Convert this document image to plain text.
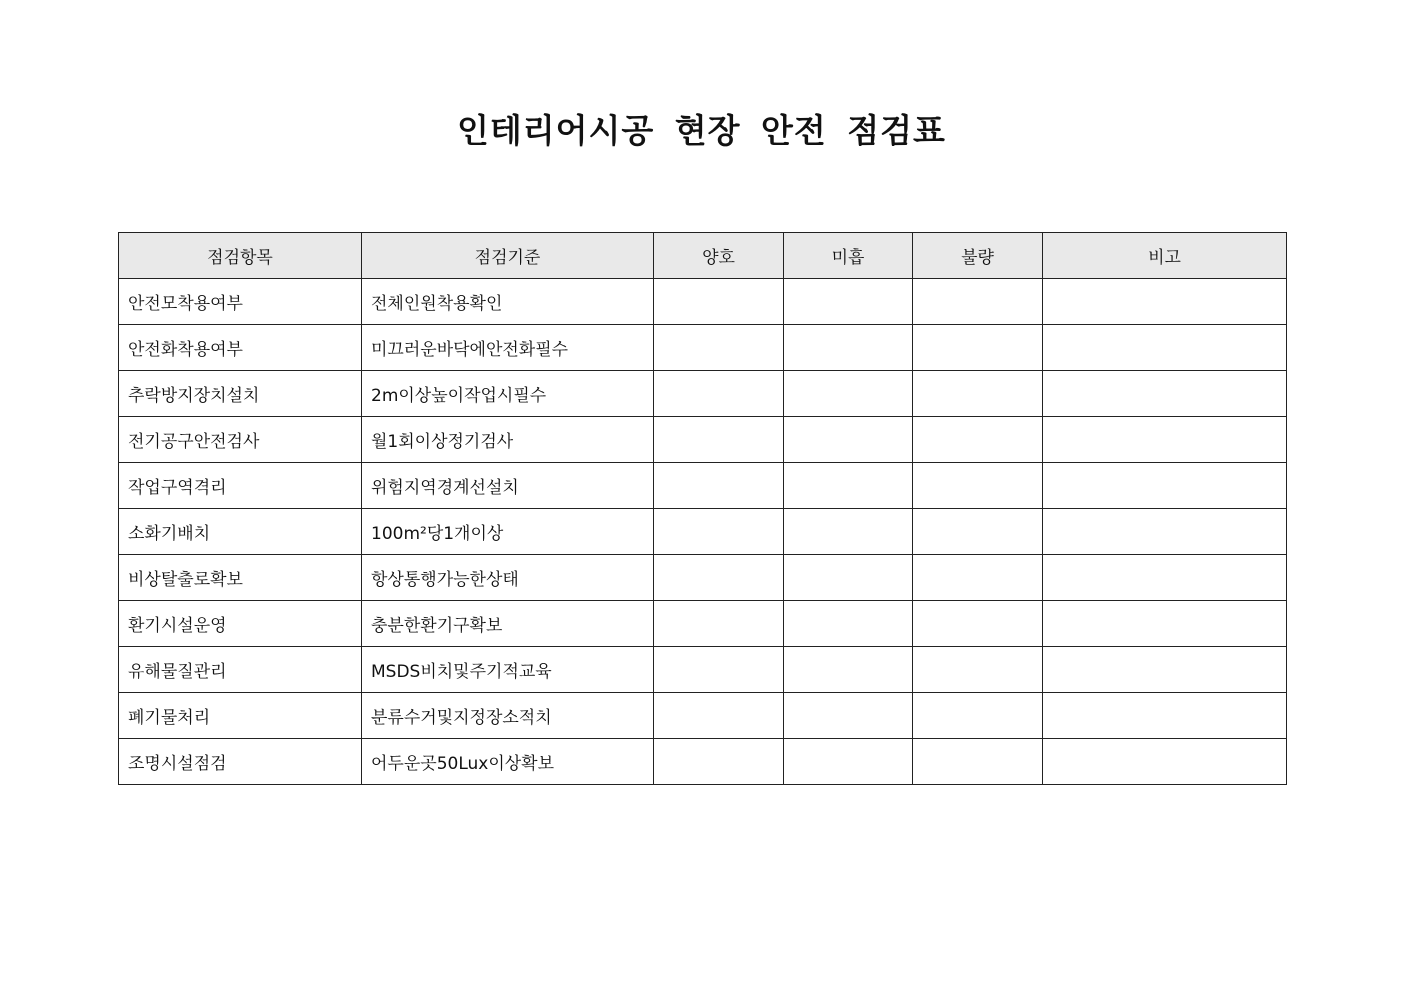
인테리어시공 현장 안전 점검표
점검항목	점검기준	양호	미흡	불량	비고
안전모착용여부	전체인원착용확인				
안전화착용여부	미끄러운바닥에안전화필수				
추락방지장치설치	2m이상높이작업시필수				
전기공구안전검사	월1회이상정기검사				
작업구역격리	위험지역경계선설치				
소화기배치	100m²당1개이상				
비상탈출로확보	항상통행가능한상태				
환기시설운영	충분한환기구확보				
유해물질관리	MSDS비치및주기적교육				
폐기물처리	분류수거및지정장소적치				
조명시설점검	어두운곳50Lux이상확보				
